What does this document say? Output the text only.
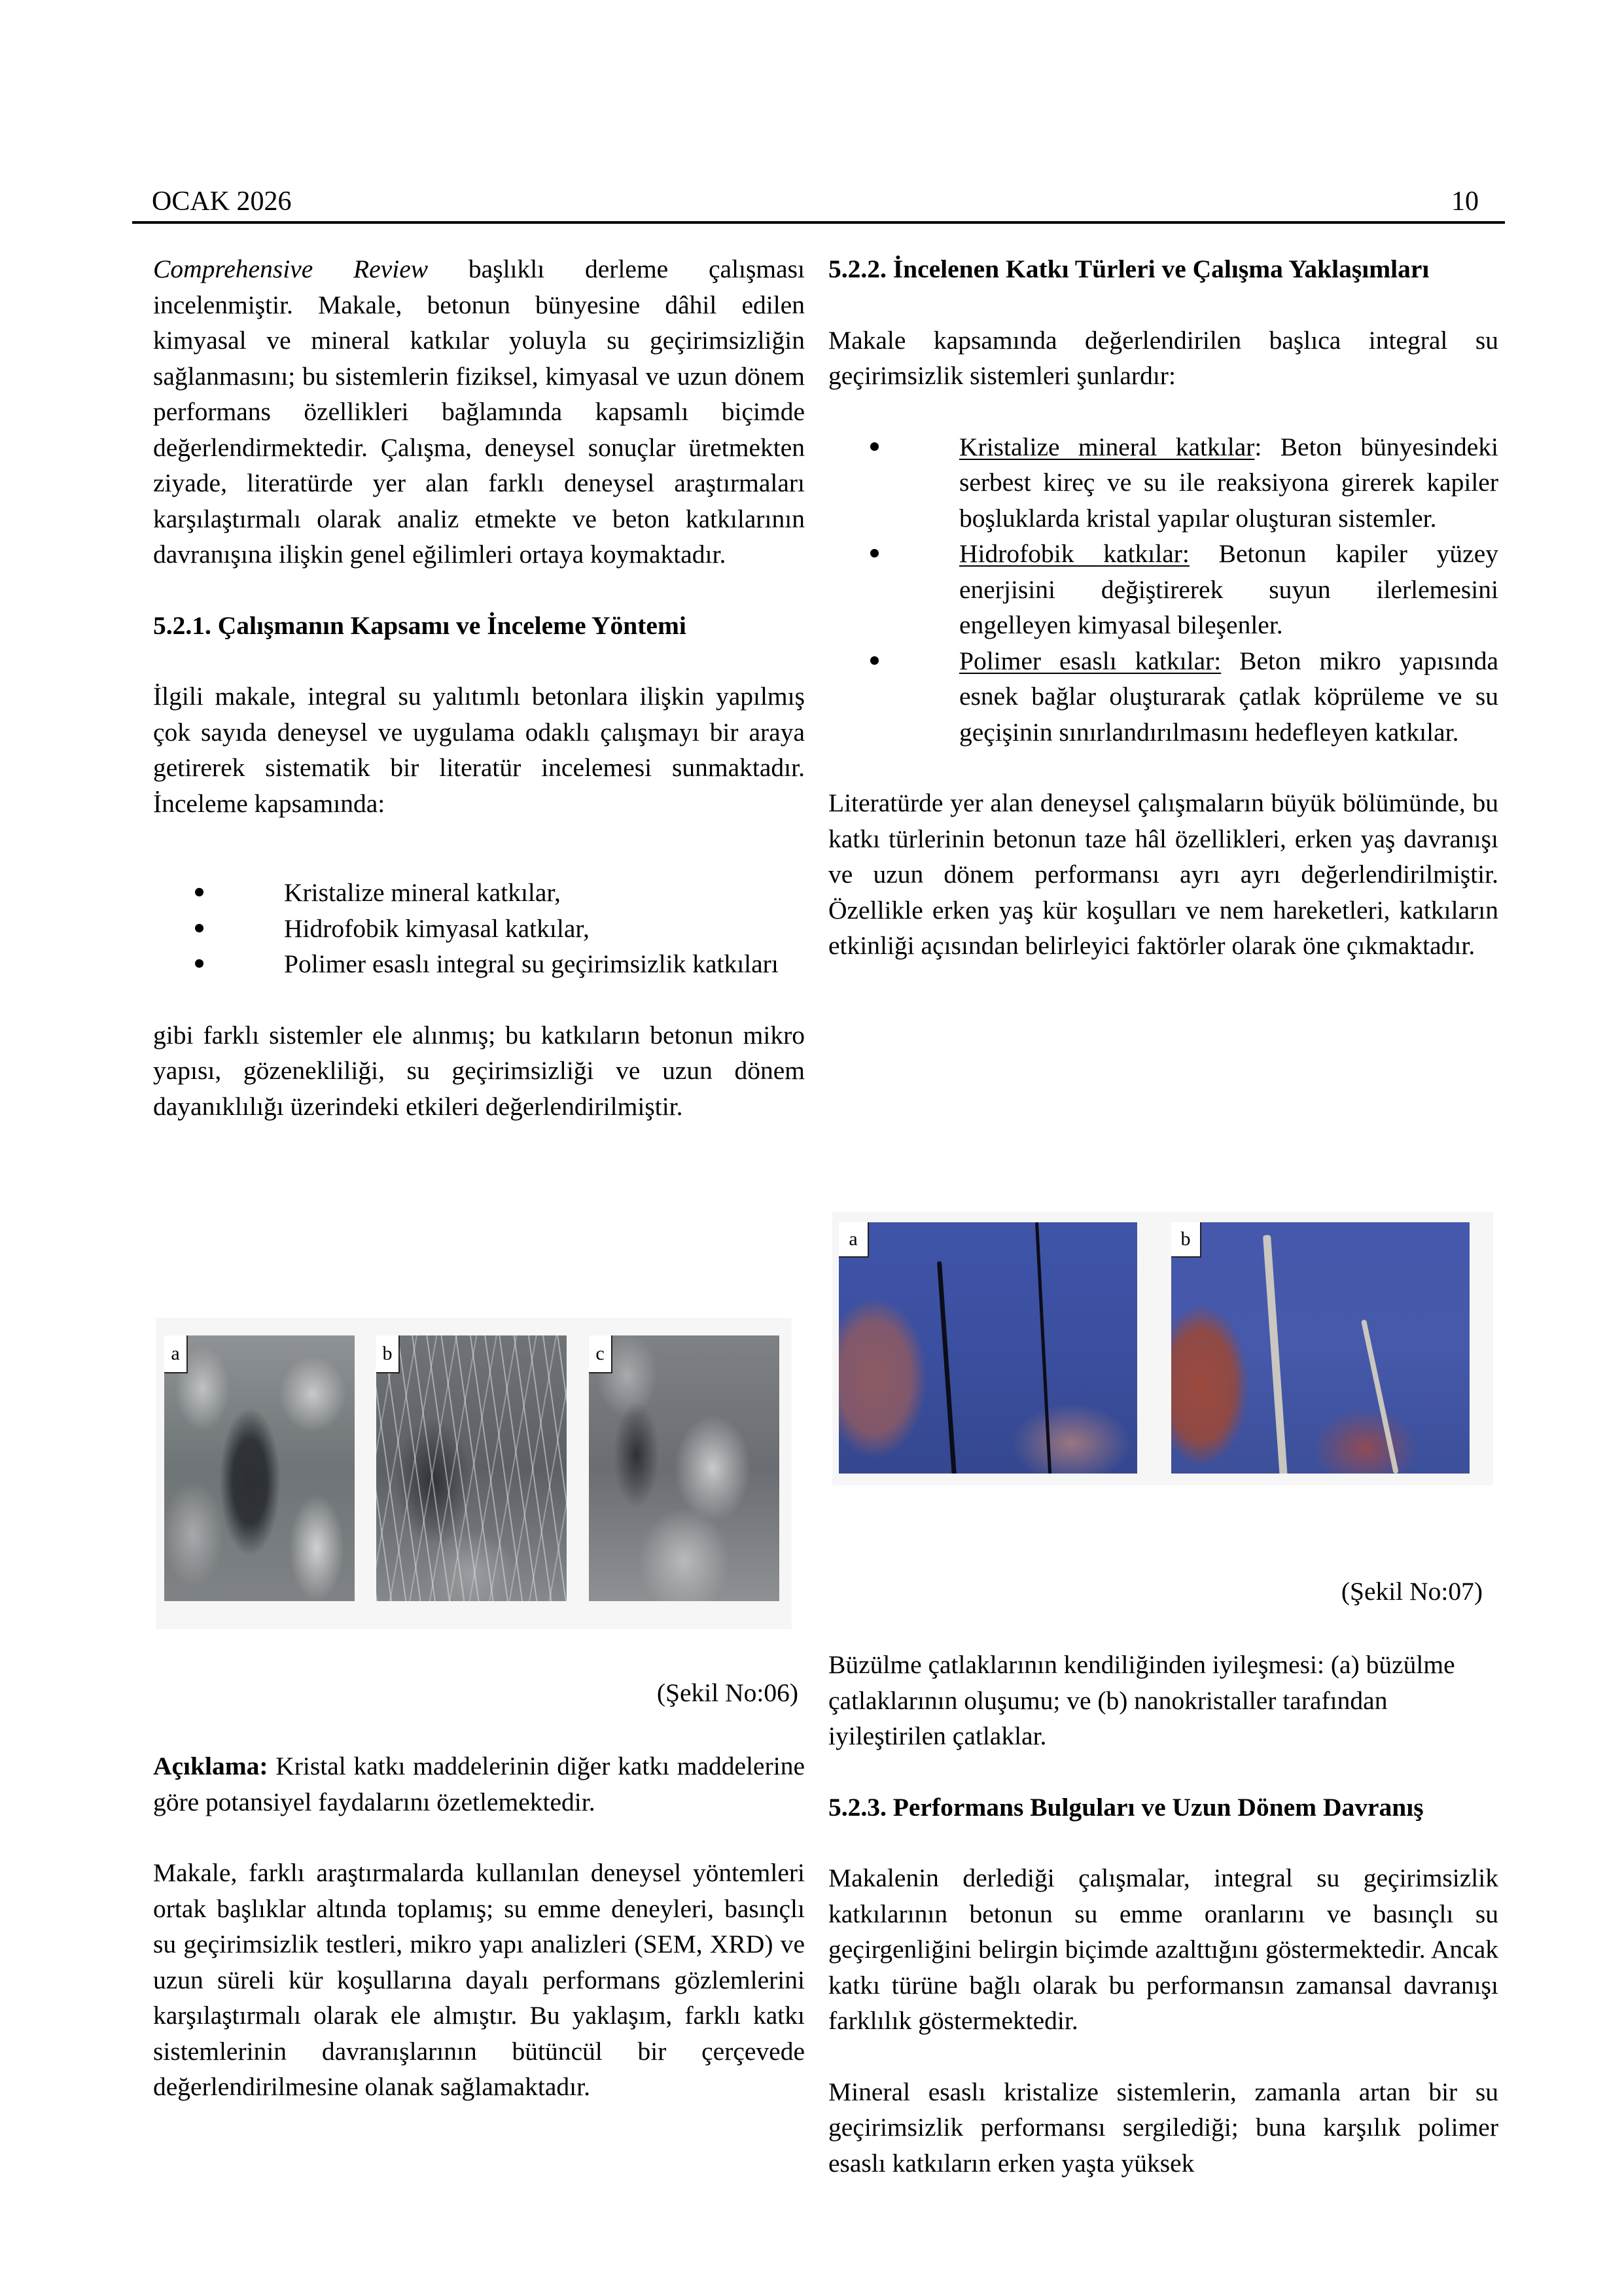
OCAK 2026	10

Comprehensive Review başlıklı derleme çalışması incelenmiştir. Makale, betonun bünyesine dâhil edilen kimyasal ve mineral katkılar yoluyla su geçirimsizliğin sağlanmasını; bu sistemlerin fiziksel, kimyasal ve uzun dönem performans özellikleri bağlamında kapsamlı biçimde değerlendirmektedir. Çalışma, deneysel sonuçlar üretmekten ziyade, literatürde yer alan farklı deneysel araştırmaları karşılaştırmalı olarak analiz etmekte ve beton katkılarının davranışına ilişkin genel eğilimleri ortaya koymaktadır.

5.2.1. Çalışmanın Kapsamı ve İnceleme Yöntemi

İlgili makale, integral su yalıtımlı betonlara ilişkin yapılmış çok sayıda deneysel ve uygulama odaklı çalışmayı bir araya getirerek sistematik bir literatür incelemesi sunmaktadır. İnceleme kapsamında:

Kristalize mineral katkılar,
Hidrofobik kimyasal katkılar,
Polimer esaslı integral su geçirimsizlik katkıları

gibi farklı sistemler ele alınmış; bu katkıların betonun mikro yapısı, gözenekliliği, su geçirimsizliği ve uzun dönem dayanıklılığı üzerindeki etkileri değerlendirilmiştir.

a	b	c
(Şekil No:06)

Açıklama: Kristal katkı maddelerinin diğer katkı maddelerine göre potansiyel faydalarını özetlemektedir.

Makale, farklı araştırmalarda kullanılan deneysel yöntemleri ortak başlıklar altında toplamış; su emme deneyleri, basınçlı su geçirimsizlik testleri, mikro yapı analizleri (SEM, XRD) ve uzun süreli kür koşullarına dayalı performans gözlemlerini karşılaştırmalı olarak ele almıştır. Bu yaklaşım, farklı katkı sistemlerinin davranışlarının bütüncül bir çerçevede değerlendirilmesine olanak sağlamaktadır.

5.2.2. İncelenen Katkı Türleri ve Çalışma Yaklaşımları

Makale kapsamında değerlendirilen başlıca integral su geçirimsizlik sistemleri şunlardır:

Kristalize mineral katkılar: Beton bünyesindeki serbest kireç ve su ile reaksiyona girerek kapiler boşluklarda kristal yapılar oluşturan sistemler.
Hidrofobik katkılar: Betonun kapiler yüzey enerjisini değiştirerek suyun ilerlemesini engelleyen kimyasal bileşenler.
Polimer esaslı katkılar: Beton mikro yapısında esnek bağlar oluşturarak çatlak köprüleme ve su geçişinin sınırlandırılmasını hedefleyen katkılar.

Literatürde yer alan deneysel çalışmaların büyük bölümünde, bu katkı türlerinin betonun taze hâl özellikleri, erken yaş davranışı ve uzun dönem performansı ayrı ayrı değerlendirilmiştir. Özellikle erken yaş kür koşulları ve nem hareketleri, katkıların etkinliği açısından belirleyici faktörler olarak öne çıkmaktadır.

a	b
(Şekil No:07)

Büzülme çatlaklarının kendiliğinden iyileşmesi: (a) büzülme çatlaklarının oluşumu; ve (b) nanokristaller tarafından iyileştirilen çatlaklar.

5.2.3. Performans Bulguları ve Uzun Dönem Davranış

Makalenin derlediği çalışmalar, integral su geçirimsizlik katkılarının betonun su emme oranlarını ve basınçlı su geçirgenliğini belirgin biçimde azalttığını göstermektedir. Ancak katkı türüne bağlı olarak bu performansın zamansal davranışı farklılık göstermektedir.

Mineral esaslı kristalize sistemlerin, zamanla artan bir su geçirimsizlik performansı sergilediği; buna karşılık polimer esaslı katkıların erken yaşta yüksek
